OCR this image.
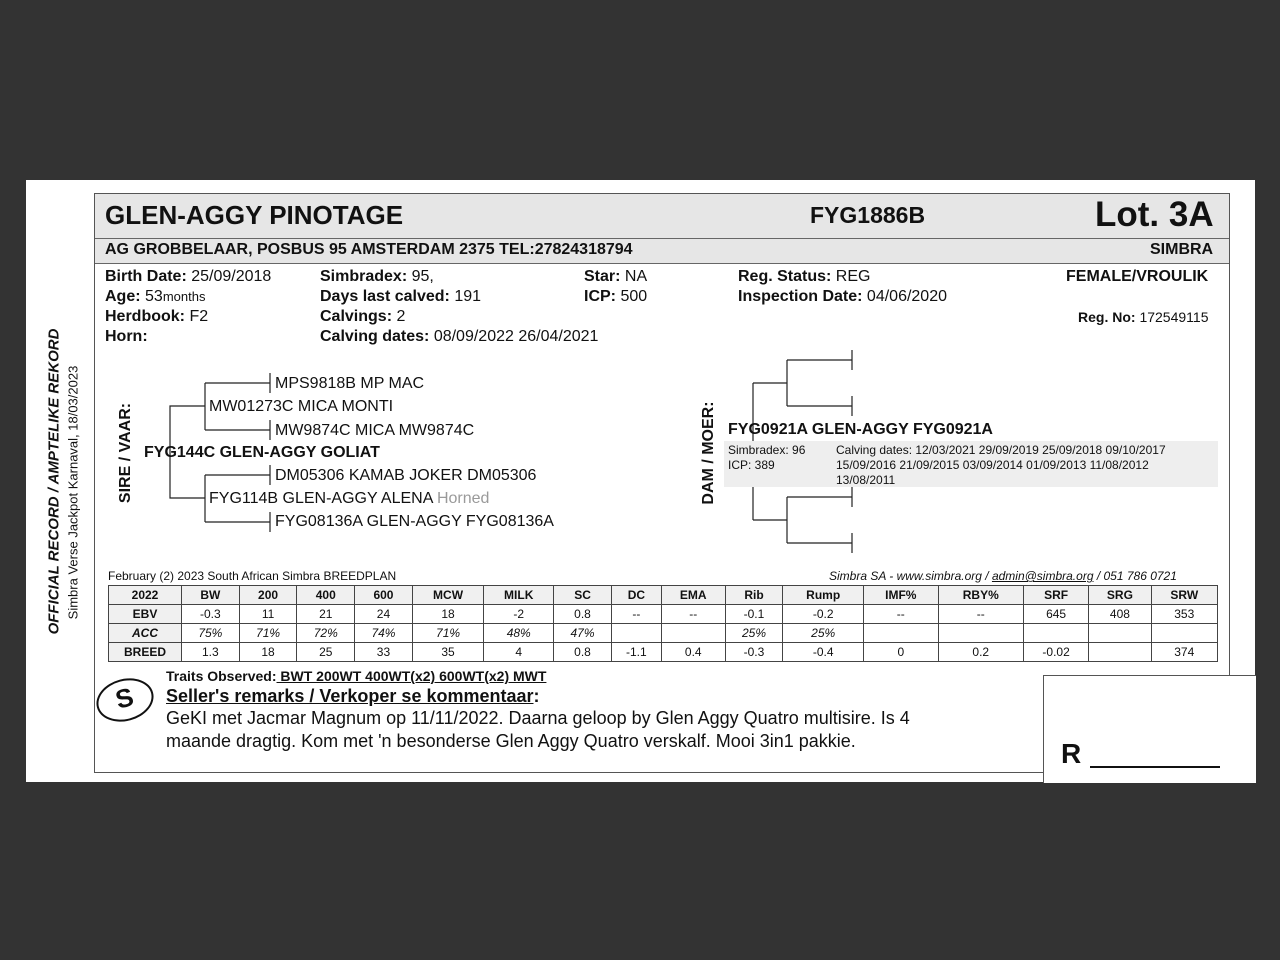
OFFICIAL RECORD / AMPTELIKE REKORD Simbra Verse Jackpot Karnaval, 18/03/2023
GLEN-AGGY PINOTAGE	FYG1886B	Lot. 3A
AG GROBBELAAR, POSBUS 95 AMSTERDAM 2375 TEL:27824318794	SIMBRA
Birth Date: 25/09/2018
Age: 53months
Herdbook: F2
Horn:
Simbradex: 95,
Days last calved: 191
Calvings: 2
Calving dates: 08/09/2022 26/04/2021
Star: NA
ICP: 500
Reg. Status: REG
Inspection Date: 04/06/2020
FEMALE/VROULIK
Reg. No: 172549115
SIRE / VAAR:
MPS9818B MP MAC
MW01273C MICA MONTI
MW9874C MICA MW9874C
FYG144C GLEN-AGGY GOLIAT
DM05306 KAMAB JOKER DM05306
FYG114B GLEN-AGGY ALENA Horned
FYG08136A GLEN-AGGY FYG08136A
DAM / MOER: FYG0921A GLEN-AGGY FYG0921A
Simbradex: 96
ICP: 389
Calving dates: 12/03/2021 29/09/2019 25/09/2018 09/10/2017
15/09/2016 21/09/2015 03/09/2014 01/09/2013 11/08/2012
13/08/2011
February (2) 2023 South African Simbra BREEDPLAN	Simbra SA - www.simbra.org / admin@simbra.org / 051 786 0721
2022	BW	200	400	600	MCW	MILK	SC	DC	EMA	Rib	Rump	IMF%	RBY%	SRF	SRG	SRW
EBV	-0.3	11	21	24	18	-2	0.8	--	--	-0.1	-0.2	--	--	645	408	353
ACC	75%	71%	72%	74%	71%	48%	47%			25%	25%					
BREED	1.3	18	25	33	35	4	0.8	-1.1	0.4	-0.3	-0.4	0	0.2	-0.02		374
Traits Observed: BWT 200WT 400WT(x2) 600WT(x2) MWT
S	Seller's remarks / Verkoper se kommentaar:
GeKI met Jacmar Magnum op 11/11/2022. Daarna geloop by Glen Aggy Quatro multisire. Is 4
maande dragtig. Kom met 'n besonderse Glen Aggy Quatro verskalf. Mooi 3in1 pakkie.	R
